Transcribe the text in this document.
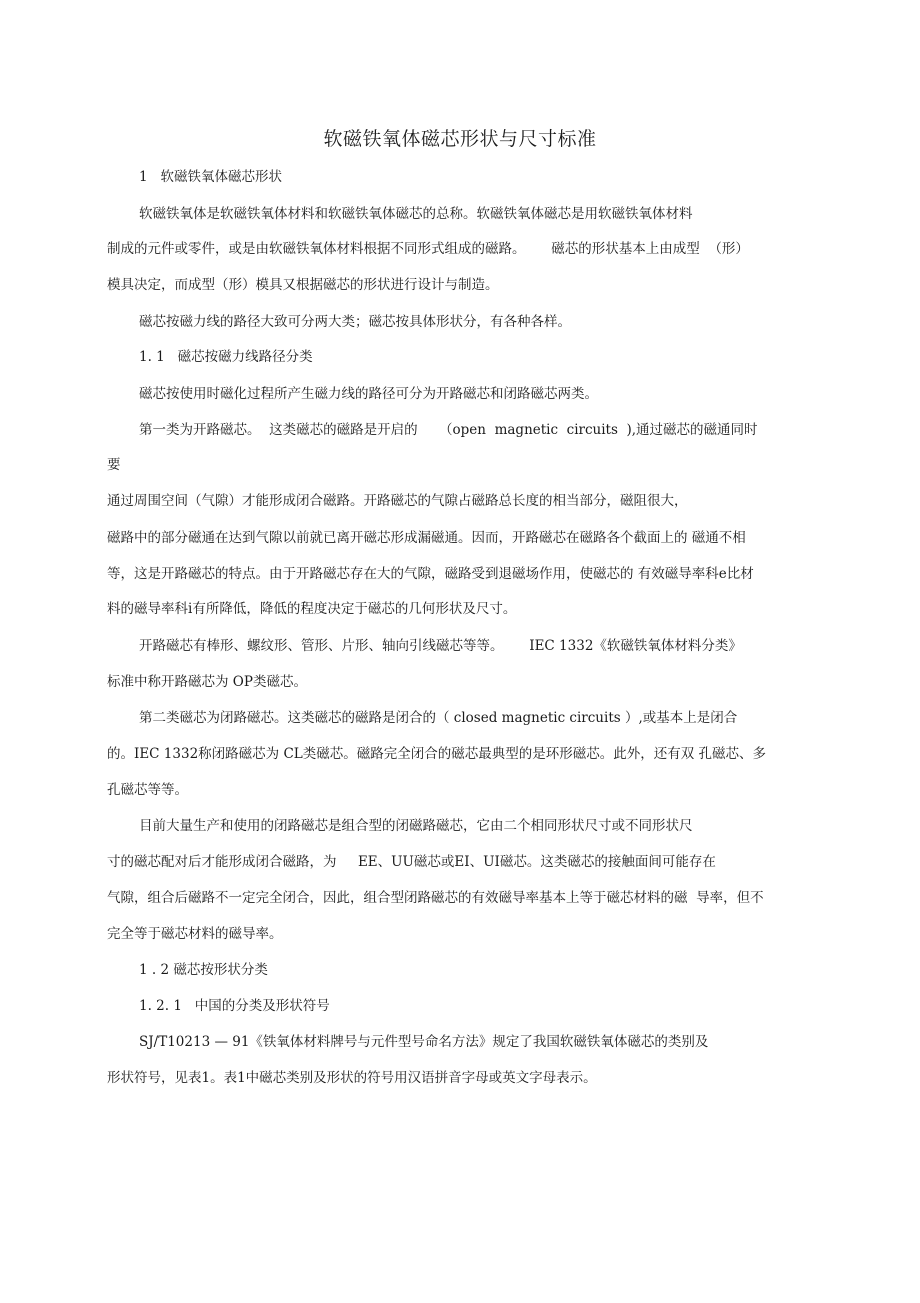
软磁铁氧体磁芯形状与尺寸标准
1   软磁铁氧体磁芯形状
软磁铁氧体是软磁铁氧体材料和软磁铁氧体磁芯的总称。软磁铁氧体磁芯是用软磁铁氧体材料
制成的元件或零件，或是由软磁铁氧体材料根据不同形式组成的磁路。      磁芯的形状基本上由成型  （形）
模具决定，而成型（形）模具又根据磁芯的形状进行设计与制造。
磁芯按磁力线的路径大致可分两大类；磁芯按具体形状分，有各种各样。
1. 1   磁芯按磁力线路径分类
磁芯按使用时磁化过程所产生磁力线的路径可分为开路磁芯和闭路磁芯两类。
第一类为开路磁芯。  这类磁芯的磁路是开启的     （open  magnetic  circuits  ),通过磁芯的磁通同时
要
通过周围空间（气隙）才能形成闭合磁路。开路磁芯的气隙占磁路总长度的相当部分，磁阻很大，
磁路中的部分磁通在达到气隙以前就已离开磁芯形成漏磁通。因而，开路磁芯在磁路各个截面上的 磁通不相
等，这是开路磁芯的特点。由于开路磁芯存在大的气隙，磁路受到退磁场作用，使磁芯的 有效磁导率科e比材
料的磁导率科i有所降低，降低的程度决定于磁芯的几何形状及尺寸。
开路磁芯有棒形、螺纹形、管形、片形、轴向引线磁芯等等。      IEC 1332《软磁铁氧体材料分类》
标准中称开路磁芯为 OP类磁芯。
第二类磁芯为闭路磁芯。这类磁芯的磁路是闭合的（ closed magnetic circuits ）,或基本上是闭合
的。IEC 1332称闭路磁芯为 CL类磁芯。磁路完全闭合的磁芯最典型的是环形磁芯。此外，还有双 孔磁芯、多
孔磁芯等等。
目前大量生产和使用的闭路磁芯是组合型的闭磁路磁芯，它由二个相同形状尺寸或不同形状尺
寸的磁芯配对后才能形成闭合磁路，为     EE、UU磁芯或EI、UI磁芯。这类磁芯的接触面间可能存在
气隙，组合后磁路不一定完全闭合，因此，组合型闭路磁芯的有效磁导率基本上等于磁芯材料的磁  导率，但不
完全等于磁芯材料的磁导率。
1 . 2 磁芯按形状分类
1. 2. 1   中国的分类及形状符号
SJ/T10213 — 91《铁氧体材料牌号与元件型号命名方法》规定了我国软磁铁氧体磁芯的类别及
形状符号，见表1。表1中磁芯类别及形状的符号用汉语拼音字母或英文字母表示。
